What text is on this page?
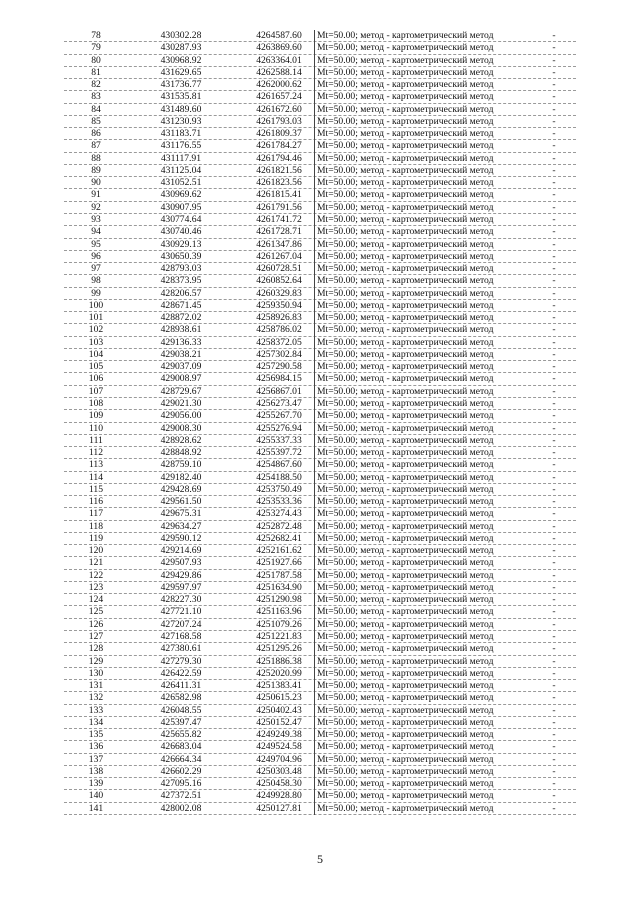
78	430302.28	4264587.60	Mt=50.00; метод - картометрический метод	-
79	430287.93	4263869.60	Mt=50.00; метод - картометрический метод	-
80	430968.92	4263364.01	Mt=50.00; метод - картометрический метод	-
81	431629.65	4262588.14	Mt=50.00; метод - картометрический метод	-
82	431736.77	4262000.62	Mt=50.00; метод - картометрический метод	-
83	431535.81	4261657.24	Mt=50.00; метод - картометрический метод	-
84	431489.60	4261672.60	Mt=50.00; метод - картометрический метод	-
85	431230.93	4261793.03	Mt=50.00; метод - картометрический метод	-
86	431183.71	4261809.37	Mt=50.00; метод - картометрический метод	-
87	431176.55	4261784.27	Mt=50.00; метод - картометрический метод	-
88	431117.91	4261794.46	Mt=50.00; метод - картометрический метод	-
89	431125.04	4261821.56	Mt=50.00; метод - картометрический метод	-
90	431052.51	4261823.56	Mt=50.00; метод - картометрический метод	-
91	430969.62	4261815.41	Mt=50.00; метод - картометрический метод	-
92	430907.95	4261791.56	Mt=50.00; метод - картометрический метод	-
93	430774.64	4261741.72	Mt=50.00; метод - картометрический метод	-
94	430740.46	4261728.71	Mt=50.00; метод - картометрический метод	-
95	430929.13	4261347.86	Mt=50.00; метод - картометрический метод	-
96	430650.39	4261267.04	Mt=50.00; метод - картометрический метод	-
97	428793.03	4260728.51	Mt=50.00; метод - картометрический метод	-
98	428373.95	4260852.64	Mt=50.00; метод - картометрический метод	-
99	428206.57	4260329.83	Mt=50.00; метод - картометрический метод	-
100	428671.45	4259350.94	Mt=50.00; метод - картометрический метод	-
101	428872.02	4258926.83	Mt=50.00; метод - картометрический метод	-
102	428938.61	4258786.02	Mt=50.00; метод - картометрический метод	-
103	429136.33	4258372.05	Mt=50.00; метод - картометрический метод	-
104	429038.21	4257302.84	Mt=50.00; метод - картометрический метод	-
105	429037.09	4257290.58	Mt=50.00; метод - картометрический метод	-
106	429008.97	4256984.15	Mt=50.00; метод - картометрический метод	-
107	428729.67	4256867.01	Mt=50.00; метод - картометрический метод	-
108	429021.30	4256273.47	Mt=50.00; метод - картометрический метод	-
109	429056.00	4255267.70	Mt=50.00; метод - картометрический метод	-
110	429008.30	4255276.94	Mt=50.00; метод - картометрический метод	-
111	428928.62	4255337.33	Mt=50.00; метод - картометрический метод	-
112	428848.92	4255397.72	Mt=50.00; метод - картометрический метод	-
113	428759.10	4254867.60	Mt=50.00; метод - картометрический метод	-
114	429182.40	4254188.50	Mt=50.00; метод - картометрический метод	-
115	429428.69	4253750.49	Mt=50.00; метод - картометрический метод	-
116	429561.50	4253533.36	Mt=50.00; метод - картометрический метод	-
117	429675.31	4253274.43	Mt=50.00; метод - картометрический метод	-
118	429634.27	4252872.48	Mt=50.00; метод - картометрический метод	-
119	429590.12	4252682.41	Mt=50.00; метод - картометрический метод	-
120	429214.69	4252161.62	Mt=50.00; метод - картометрический метод	-
121	429507.93	4251927.66	Mt=50.00; метод - картометрический метод	-
122	429429.86	4251787.58	Mt=50.00; метод - картометрический метод	-
123	429597.97	4251634.90	Mt=50.00; метод - картометрический метод	-
124	428227.30	4251290.98	Mt=50.00; метод - картометрический метод	-
125	427721.10	4251163.96	Mt=50.00; метод - картометрический метод	-
126	427207.24	4251079.26	Mt=50.00; метод - картометрический метод	-
127	427168.58	4251221.83	Mt=50.00; метод - картометрический метод	-
128	427380.61	4251295.26	Mt=50.00; метод - картометрический метод	-
129	427279.30	4251886.38	Mt=50.00; метод - картометрический метод	-
130	426422.59	4252020.99	Mt=50.00; метод - картометрический метод	-
131	426411.31	4251383.41	Mt=50.00; метод - картометрический метод	-
132	426582.98	4250615.23	Mt=50.00; метод - картометрический метод	-
133	426048.55	4250402.43	Mt=50.00; метод - картометрический метод	-
134	425397.47	4250152.47	Mt=50.00; метод - картометрический метод	-
135	425655.82	4249249.38	Mt=50.00; метод - картометрический метод	-
136	426683.04	4249524.58	Mt=50.00; метод - картометрический метод	-
137	426664.34	4249704.96	Mt=50.00; метод - картометрический метод	-
138	426602.29	4250303.48	Mt=50.00; метод - картометрический метод	-
139	427095.16	4250458.30	Mt=50.00; метод - картометрический метод	-
140	427372.51	4249928.80	Mt=50.00; метод - картометрический метод	-
141	428002.08	4250127.81	Mt=50.00; метод - картометрический метод	-
5
